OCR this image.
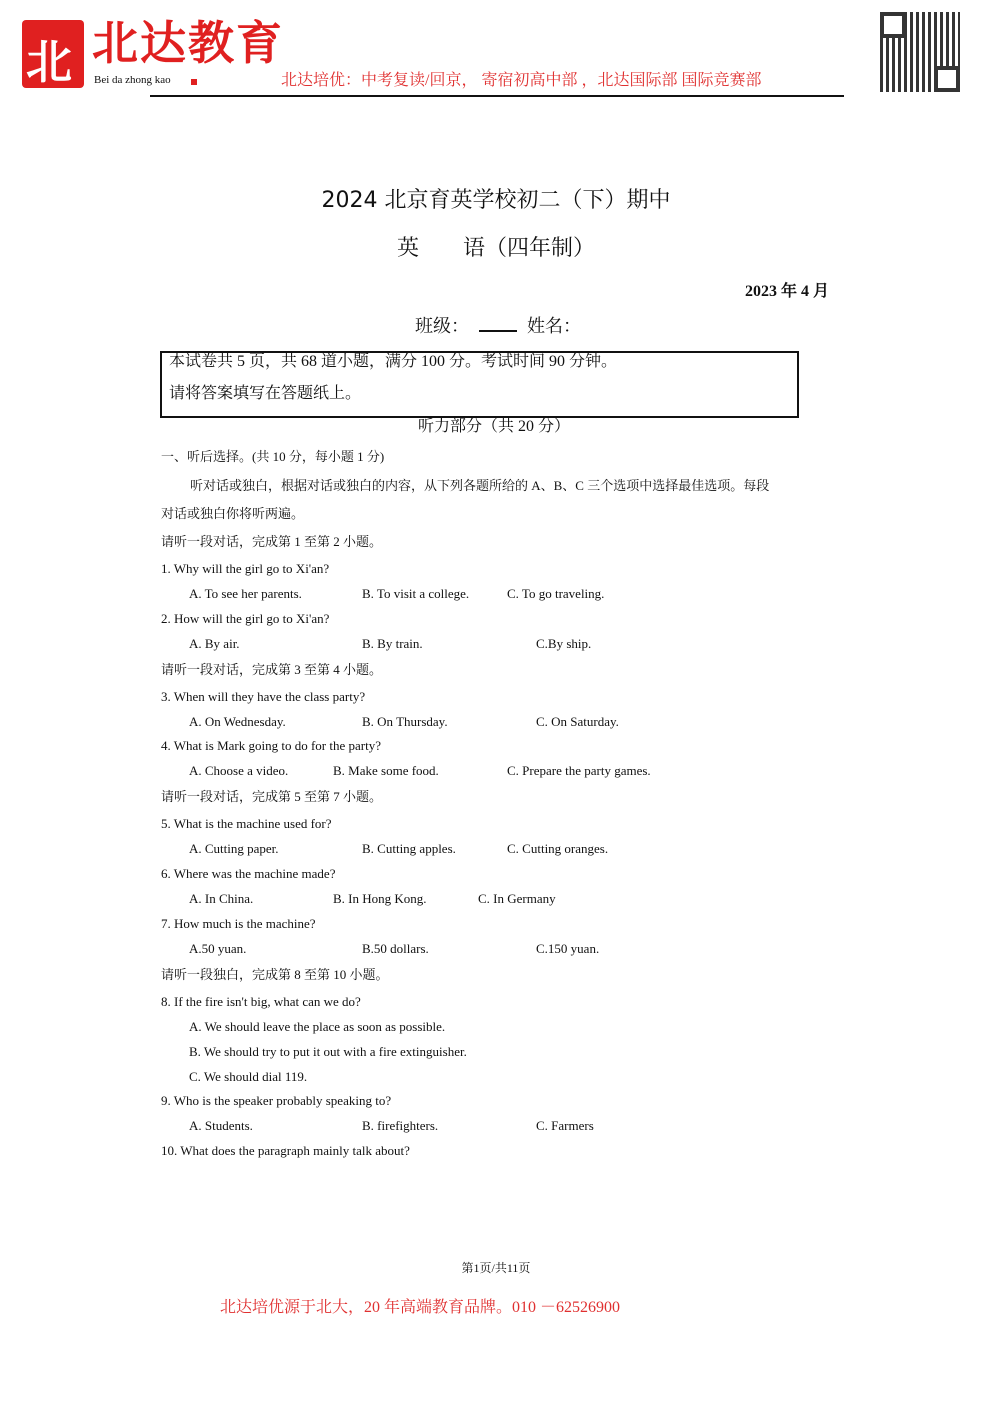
北 北达教育
Bei da zhong kao	北达培优：中考复读/回京， 寄宿初高中部 ，北达国际部 国际竞赛部
2024 北京育英学校初二（下）期中
英　　语（四年制）
2023 年 4 月
班级：	姓名：
本试卷共 5 页，共 68 道小题，满分 100 分。考试时间 90 分钟。
请将答案填写在答题纸上。
听力部分（共 20 分）
一、听后选择。(共 10 分，每小题 1 分)
听对话或独白，根据对话或独白的内容，从下列各题所给的 A、B、C 三个选项中选择最佳选项。每段
对话或独白你将听两遍。
请听一段对话，完成第 1 至第 2 小题。
1. Why will the girl go to Xi'an?
A. To see her parents.	B. To visit a college.	C. To go traveling.
2. How will the girl go to Xi'an?
A. By air.	B. By train.	C.By ship.
请听一段对话，完成第 3 至第 4 小题。
3. When will they have the class party?
A. On Wednesday.	B. On Thursday.	C. On Saturday.
4. What is Mark going to do for the party?
A. Choose a video.	B. Make some food.	C. Prepare the party games.
请听一段对话，完成第 5 至第 7 小题。
5. What is the machine used for?
A. Cutting paper.	B. Cutting apples.	C. Cutting oranges.
6. Where was the machine made?
A. In China.	B. In Hong Kong.	C. In Germany
7. How much is the machine?
A.50 yuan.	B.50 dollars.	C.150 yuan.
请听一段独白，完成第 8 至第 10 小题。
8. If the fire isn't big, what can we do?
A. We should leave the place as soon as possible.
B. We should try to put it out with a fire extinguisher.
C. We should dial 119.
9. Who is the speaker probably speaking to?
A. Students.	B. firefighters.	C. Farmers
10. What does the paragraph mainly talk about?
第1页/共11页
北达培优源于北大，20 年高端教育品牌。010 －62526900
